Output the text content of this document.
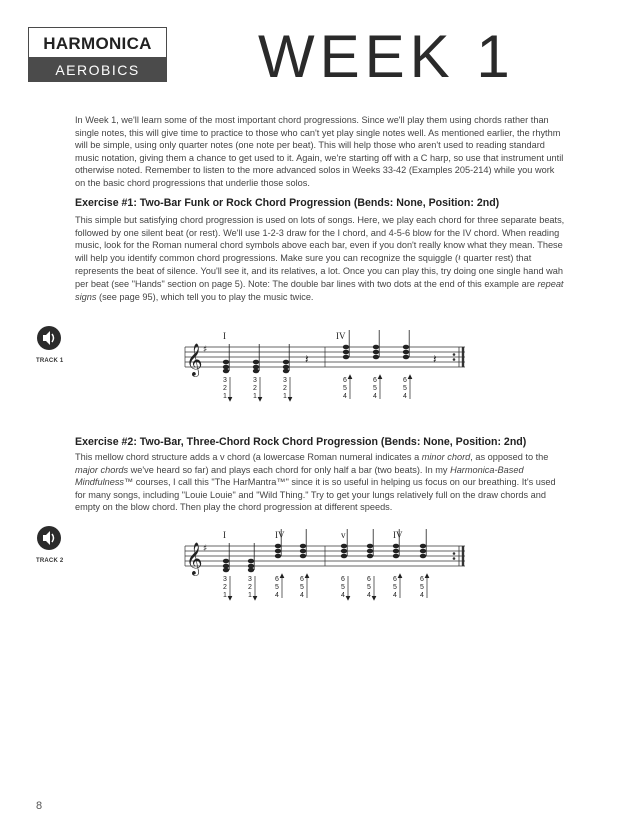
HARMONICA
AEROBICS	WEEK 1
In Week 1, we'll learn some of the most important chord progressions. Since we'll play them using chords rather than single notes, this will give time to practice to those who can't yet play single notes well. As mentioned earlier, the rhythm will be simple, using only quarter notes (one note per beat). This will help those who aren't used to reading standard music notation, giving them a chance to get used to it. Again, we're starting off with a C harp, so use that instrument until otherwise noted. Remember to listen to the more advanced solos in Weeks 33-42 (Examples 205-214) while you work on the basic chord progressions that underlie those solos.
Exercise #1: Two-Bar Funk or Rock Chord Progression (Bends: None, Position: 2nd)
This simple but satisfying chord progression is used on lots of songs. Here, we play each chord for three separate beats, followed by one silent beat (or rest). We'll use 1-2-3 draw for the I chord, and 4-5-6 blow for the IV chord. When reading music, look for the Roman numeral chord symbols above each bar, even if you don't really know what they mean. These will help you identify common chord progressions. Make sure you can recognize the squiggle (𝄽 quarter rest) that represents the beat of silence. You'll see it, and its relatives, a lot. Once you can play this, try doing one single hand wah per beat (see "Hands" section on page 5). Note: The double bar lines with two dots at the end of this example are repeat signs (see page 95), which tell you to play the music twice.
TRACK 1	𝄞 ♯
I	IV
𝄽	𝄽
3
2
1
3
2
1
3
2
1
6
5
4
6
5
4
6
5
4
Exercise #2: Two-Bar, Three-Chord Rock Chord Progression (Bends: None, Position: 2nd)
This mellow chord structure adds a v chord (a lowercase Roman numeral indicates a minor chord, as opposed to the major chords we've heard so far) and plays each chord for only half a bar (two beats). In my Harmonica-Based Mindfulness™ courses, I call this "The HarMantra™" since it is so useful in helping us focus on our breathing. It's used for many songs, including "Louie Louie" and "Wild Thing." Try to get your lungs relatively full on the draw chords and empty on the blow chord. Then play the chord progression at different speeds.
TRACK 2	𝄞 ♯
I	IV	v	IV
3
2
1
3
2
1
6
5
4
6
5
4
6
5
4
6
5
4
6
5
4
6
5
4
8
